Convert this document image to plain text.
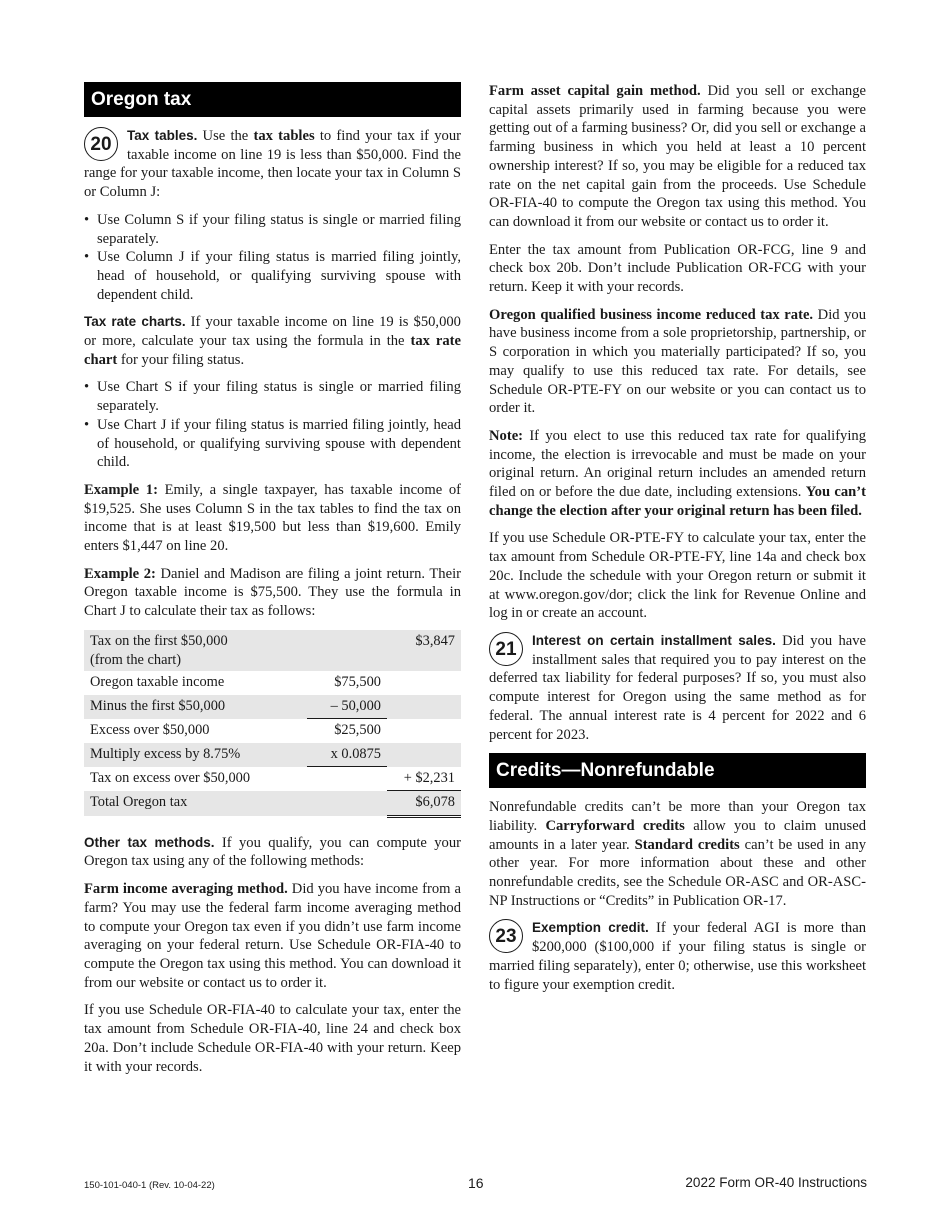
Oregon tax

20	Tax tables. Use the tax tables to find your tax if your taxable income on line 19 is less than $50,000. Find the range for your taxable income, then locate your tax in Column S or Column J:

• Use Column S if your filing status is single or married filing separately.
• Use Column J if your filing status is married filing jointly, head of household, or qualifying surviving spouse with dependent child.

Tax rate charts. If your taxable income on line 19 is $50,000 or more, calculate your tax using the formula in the tax rate chart for your filing status.

• Use Chart S if your filing status is single or married filing separately.
• Use Chart J if your filing status is married filing jointly, head of household, or qualifying surviving spouse with dependent child.

Example 1: Emily, a single taxpayer, has taxable income of $19,525. She uses Column S in the tax tables to find the tax on income that is at least $19,500 but less than $19,600. Emily enters $1,447 on line 20.

Example 2: Daniel and Madison are filing a joint return. Their Oregon taxable income is $75,500. They use the formula in Chart J to calculate their tax as follows:

Tax on the first $50,000
(from the chart)		$3,847
Oregon taxable income	$75,500	
Minus the first $50,000	– 50,000	
Excess over $50,000	$25,500	
Multiply excess by 8.75%	x 0.0875	
Tax on excess over $50,000		+ $2,231
Total Oregon tax		$6,078

Other tax methods. If you qualify, you can compute your Oregon tax using any of the following methods:

Farm income averaging method. Did you have income from a farm? You may use the federal farm income averaging method to compute your Oregon tax even if you didn’t use farm income averaging on your federal return. Use Schedule OR-FIA-40 to compute the Oregon tax using this method. You can download it from our website or contact us to order it.

If you use Schedule OR-FIA-40 to calculate your tax, enter the tax amount from Schedule OR-FIA-40, line 24 and check box 20a. Don’t include Schedule OR-FIA-40 with your return. Keep it with your records.

Farm asset capital gain method. Did you sell or exchange capital assets primarily used in farming because you were getting out of a farming business? Or, did you sell or exchange a farming business in which you held at least a 10 percent ownership interest? If so, you may be eligible for a reduced tax rate on the net capital gain from the proceeds. Use Schedule OR-FIA-40 to compute the Oregon tax using this method. You can download it from our website or contact us to order it.

Enter the tax amount from Publication OR-FCG, line 9 and check box 20b. Don’t include Publication OR-FCG with your return. Keep it with your records.

Oregon qualified business income reduced tax rate. Did you have business income from a sole proprietorship, partnership, or S corporation in which you materially participated? If so, you may qualify to use this reduced tax rate. For details, see Schedule OR-PTE-FY on our website or you can contact us to order it.

Note: If you elect to use this reduced tax rate for qualifying income, the election is irrevocable and must be made on your original return. An original return includes an amended return filed on or before the due date, including extensions. You can’t change the election after your original return has been filed.

If you use Schedule OR-PTE-FY to calculate your tax, enter the tax amount from Schedule OR-PTE-FY, line 14a and check box 20c. Include the schedule with your Oregon return or submit it at www.oregon.gov/dor; click the link for Revenue Online and log in or create an account.

21	Interest on certain installment sales. Did you have installment sales that required you to pay interest on the deferred tax liability for federal purposes? If so, you must also compute interest for Oregon using the same method as for federal. The annual interest rate is 4 percent for 2022 and 6 percent for 2023.

Credits—Nonrefundable

Nonrefundable credits can’t be more than your Oregon tax liability. Carryforward credits allow you to claim unused amounts in a later year. Standard credits can’t be used in any other year. For more information about these and other nonrefundable credits, see the Schedule OR-ASC and OR-ASC-NP Instructions or “Credits” in Publication OR-17.

23	Exemption credit. If your federal AGI is more than $200,000 ($100,000 if your filing status is single or married filing separately), enter 0; otherwise, use this worksheet to figure your exemption credit.

150-101-040-1 (Rev. 10-04-22)	16	2022 Form OR-40 Instructions
